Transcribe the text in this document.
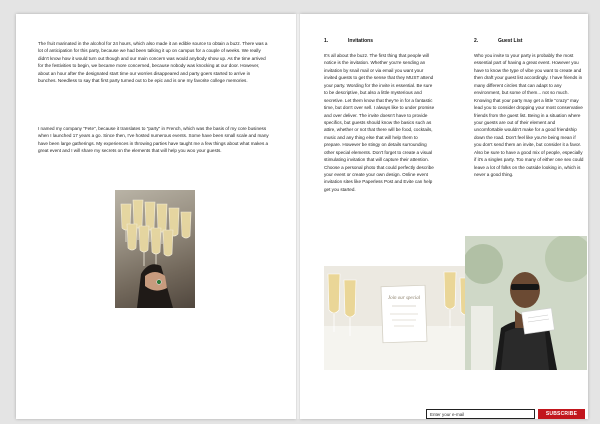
The fruit marinated in the alcohol for 24 hours, which also made it an edible source to obtain a buzz. There was a lot of anticipation for this party, because we had been talking it up on campus for a couple of weeks. We really didn't know how it would turn out though and our main concern was would anybody show up. As the time arrived for the festivities to begin, we became more concerned, because nobody was knocking at our door. However, about an hour after the designated start time our worries disappeared and party goers started to arrive in bunches. Needless to say that first party turned out to be epic and is one my favorite college memories.

I named my company "Fete", because it translates to "party" in French, which was the basis of my core business when I launched 17 years a go. Since then, I've hosted numerous events. Some have been small scale and many have been large gatherings. My experiences in throwing parties have taught me a few things about what makes a great event and I will share my secrets on the elements that will help you woo your guests.

1.	Invitations

It's all about the buzz. The first thing that people will notice is the invitation. Whether you're sending an invitation by snail mail or via email you want your invited guests to get the sense that they MUST attend your party. Wording for the invite is essential. Be sure to be descriptive, but also a little mysterious and secretive. Let them know that they're in for a fantastic time, but don't over sell. I always like to under promise and over deliver. The invite doesn't have to provide specifics, but guests should know the basics such as attire, whether or not that there will be food, cocktails, music and any thing else that will help them to prepare. However be stingy on details surrounding other special elements. Don't forget to create a visual stimulating invitation that will capture their attention. Choose a personal photo that could perfectly describe your event or create your own design. Online event invitation sites like Paperless Post and Evite can help get you started.

2.	Guest List

Who you invite to your party is probably the most essential part of having a great event. However you have to know the type of vibe you want to create and then draft your guest list accordingly. I have friends in many different circles that can adapt to any environment, but some of them... not so much. Knowing that your party may get a little "crazy" may lead you to consider dropping your most conservative friends from the guest list. Being in a situation where your guests are out of their element and uncomfortable wouldn't make for a good friendship down the road. Don't feel like you're being mean if you don't send them an invite, but consider it a favor. Also be sure to have a good mix of people, especially if it's a singles party. Too many of either one sex could leave a lot of folks on the outside looking in, which is never a good thing.

Join our special
Enter your e-mail
SUBSCRIBE
